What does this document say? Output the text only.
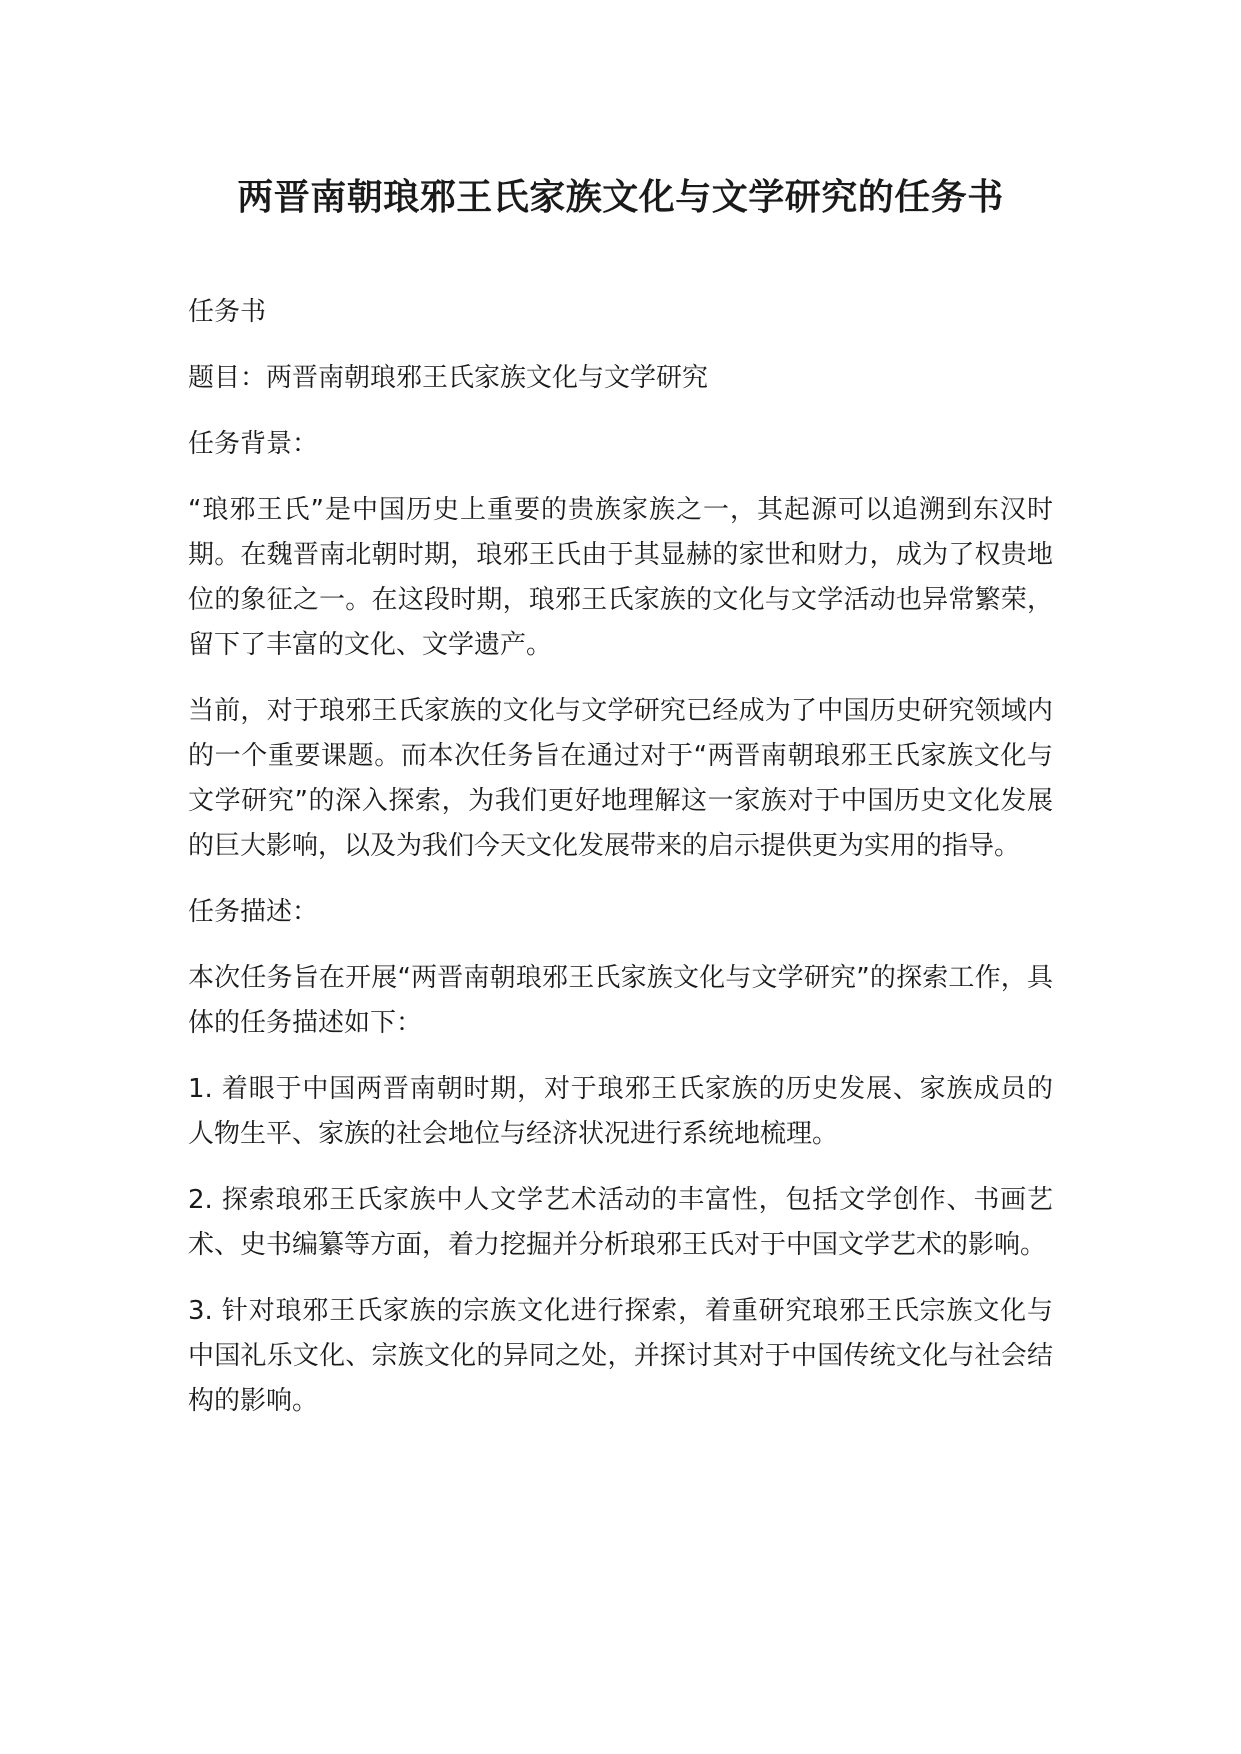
两晋南朝琅邪王氏家族文化与文学研究的任务书

任务书

题目：两晋南朝琅邪王氏家族文化与文学研究

任务背景：

“琅邪王氏”是中国历史上重要的贵族家族之一，其起源可以追溯到东汉时期。在魏晋南北朝时期，琅邪王氏由于其显赫的家世和财力，成为了权贵地位的象征之一。在这段时期，琅邪王氏家族的文化与文学活动也异常繁荣，留下了丰富的文化、文学遗产。

当前，对于琅邪王氏家族的文化与文学研究已经成为了中国历史研究领域内的一个重要课题。而本次任务旨在通过对于“两晋南朝琅邪王氏家族文化与文学研究”的深入探索，为我们更好地理解这一家族对于中国历史文化发展的巨大影响，以及为我们今天文化发展带来的启示提供更为实用的指导。

任务描述：

本次任务旨在开展“两晋南朝琅邪王氏家族文化与文学研究”的探索工作，具体的任务描述如下：

1. 着眼于中国两晋南朝时期，对于琅邪王氏家族的历史发展、家族成员的人物生平、家族的社会地位与经济状况进行系统地梳理。

2. 探索琅邪王氏家族中人文学艺术活动的丰富性，包括文学创作、书画艺术、史书编纂等方面，着力挖掘并分析琅邪王氏对于中国文学艺术的影响。

3. 针对琅邪王氏家族的宗族文化进行探索，着重研究琅邪王氏宗族文化与中国礼乐文化、宗族文化的异同之处，并探讨其对于中国传统文化与社会结构的影响。
